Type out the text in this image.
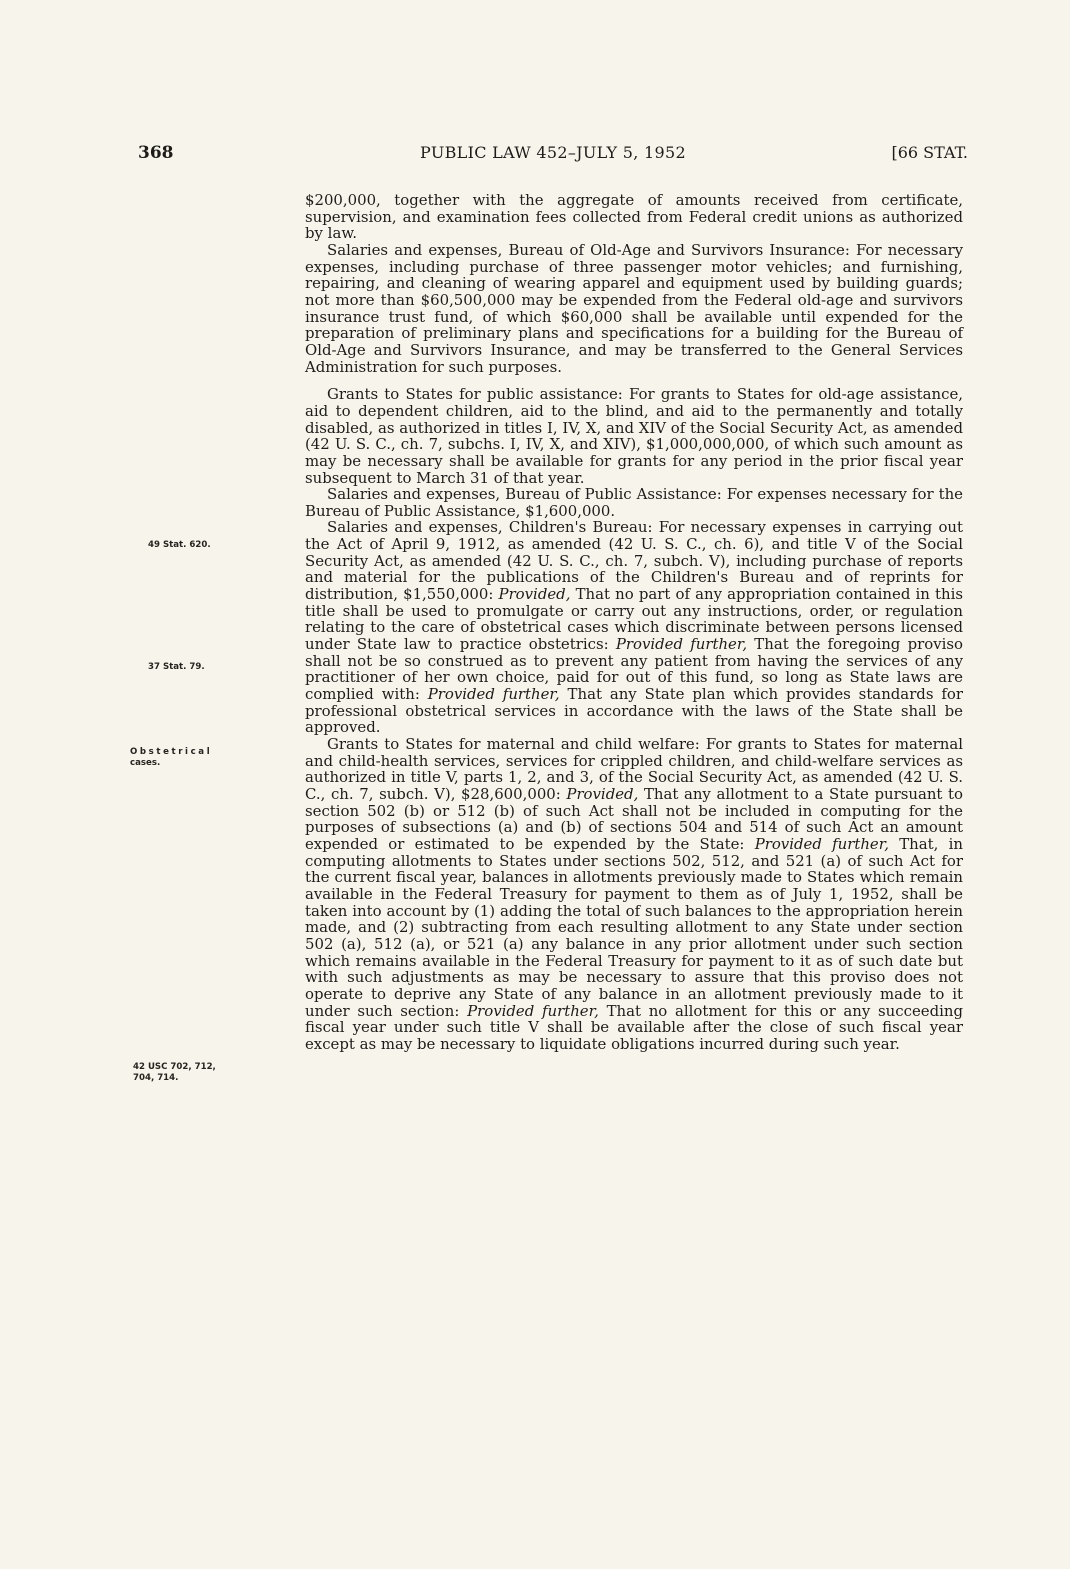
368	PUBLIC LAW 452–JULY 5, 1952	[66 STAT.
49 Stat. 620.
37 Stat. 79.
Obstetrical
cases.
42 USC 702, 712,
704, 714.

$200,000, together with the aggregate of amounts received from certificate, supervision, and examination fees collected from Federal credit unions as authorized by law.

Salaries and expenses, Bureau of Old-Age and Survivors Insurance: For necessary expenses, including purchase of three passenger motor vehicles; and furnishing, repairing, and cleaning of wearing apparel and equipment used by building guards; not more than $60,500,000 may be expended from the Federal old-age and survivors insurance trust fund, of which $60,000 shall be available until expended for the preparation of preliminary plans and specifications for a building for the Bureau of Old-Age and Survivors Insurance, and may be transferred to the General Services Administration for such purposes.

Grants to States for public assistance: For grants to States for old-age assistance, aid to dependent children, aid to the blind, and aid to the permanently and totally disabled, as authorized in titles I, IV, X, and XIV of the Social Security Act, as amended (42 U. S. C., ch. 7, subchs. I, IV, X, and XIV), $1,000,000,000, of which such amount as may be necessary shall be available for grants for any period in the prior fiscal year subsequent to March 31 of that year.

Salaries and expenses, Bureau of Public Assistance: For expenses necessary for the Bureau of Public Assistance, $1,600,000.

Salaries and expenses, Children's Bureau: For necessary expenses in carrying out the Act of April 9, 1912, as amended (42 U. S. C., ch. 6), and title V of the Social Security Act, as amended (42 U. S. C., ch. 7, subch. V), including purchase of reports and material for the publications of the Children's Bureau and of reprints for distribution, $1,550,000: Provided, That no part of any appropriation contained in this title shall be used to promulgate or carry out any instructions, order, or regulation relating to the care of obstetrical cases which discriminate between persons licensed under State law to practice obstetrics: Provided further, That the foregoing proviso shall not be so construed as to prevent any patient from having the services of any practitioner of her own choice, paid for out of this fund, so long as State laws are complied with: Provided further, That any State plan which provides standards for professional obstetrical services in accordance with the laws of the State shall be approved.

Grants to States for maternal and child welfare: For grants to States for maternal and child-health services, services for crippled children, and child-welfare services as authorized in title V, parts 1, 2, and 3, of the Social Security Act, as amended (42 U. S. C., ch. 7, subch. V), $28,600,000: Provided, That any allotment to a State pursuant to section 502 (b) or 512 (b) of such Act shall not be included in computing for the purposes of subsections (a) and (b) of sections 504 and 514 of such Act an amount expended or estimated to be expended by the State: Provided further, That, in computing allotments to States under sections 502, 512, and 521 (a) of such Act for the current fiscal year, balances in allotments previously made to States which remain available in the Federal Treasury for payment to them as of July 1, 1952, shall be taken into account by (1) adding the total of such balances to the appropriation herein made, and (2) subtracting from each resulting allotment to any State under section 502 (a), 512 (a), or 521 (a) any balance in any prior allotment under such section which remains available in the Federal Treasury for payment to it as of such date but with such adjustments as may be necessary to assure that this proviso does not operate to deprive any State of any balance in an allotment previously made to it under such section: Provided further, That no allotment for this or any succeeding fiscal year under such title V shall be available after the close of such fiscal year except as may be necessary to liquidate obligations incurred during such year.
